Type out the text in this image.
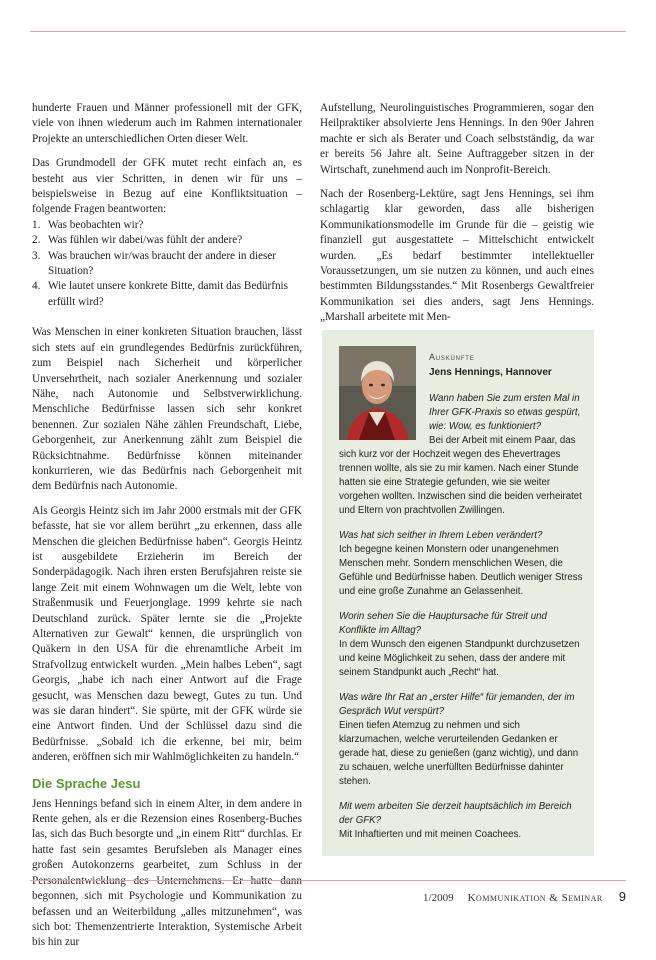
hunderte Frauen und Männer professionell mit der GFK, viele von ihnen wiederum auch im Rahmen internationaler Projekte an unterschiedlichen Orten dieser Welt.

Das Grundmodell der GFK mutet recht einfach an, es besteht aus vier Schritten, in denen wir für uns – beispielsweise in Bezug auf eine Konfliktsituation – folgende Fragen beantworten:

1. Was beobachten wir?
2. Was fühlen wir dabei/was fühlt der andere?
3. Was brauchen wir/was braucht der andere in dieser Situation?
4. Wie lautet unsere konkrete Bitte, damit das Bedürfnis erfüllt wird?

Was Menschen in einer konkreten Situation brauchen, lässt sich stets auf ein grundlegendes Bedürfnis zurückführen, zum Beispiel nach Sicherheit und körperlicher Unversehrtheit, nach sozialer Anerkennung und sozialer Nähe, nach Autonomie und Selbstverwirklichung. Menschliche Bedürfnisse lassen sich sehr konkret benennen. Zur sozialen Nähe zählen Freundschaft, Liebe, Geborgenheit, zur Anerkennung zählt zum Beispiel die Rücksichtnahme. Bedürfnisse können miteinander konkurrieren, wie das Bedürfnis nach Geborgenheit mit dem Bedürfnis nach Autonomie.

Als Georgis Heintz sich im Jahr 2000 erstmals mit der GFK befasste, hat sie vor allem berührt „zu erkennen, dass alle Menschen die gleichen Bedürfnisse haben“. Georgis Heintz ist ausgebildete Erzieherin im Bereich der Sonderpädagogik. Nach ihren ersten Berufsjahren reiste sie lange Zeit mit einem Wohnwagen um die Welt, lebte von Straßenmusik und Feuerjonglage. 1999 kehrte sie nach Deutschland zurück. Später lernte sie die „Projekte Alternativen zur Gewalt“ kennen, die ursprünglich von Quäkern in den USA für die ehrenamtliche Arbeit im Strafvollzug entwickelt wurden. „Mein halbes Leben“, sagt Georgis, „habe ich nach einer Antwort auf die Frage gesucht, was Menschen dazu bewegt, Gutes zu tun. Und was sie daran hindert“. Sie spürte, mit der GFK würde sie eine Antwort finden. Und der Schlüssel dazu sind die Bedürfnisse. „Sobald ich die erkenne, bei mir, beim anderen, eröffnen sich mir Wahlmöglichkeiten zu handeln.“

Die Sprache Jesu

Jens Hennings befand sich in einem Alter, in dem andere in Rente gehen, als er die Rezension eines Rosenberg-Buches las, sich das Buch besorgte und „in einem Ritt“ durchlas. Er hatte fast sein gesamtes Berufsleben als Manager eines großen Autokonzerns gearbeitet, zum Schluss in der begonnen, sich mit Psychologie und Kommunikation zu befassen und an Weiterbildung „alles mitzunehmen“, was sich bot: Themenzentrierte Interaktion, Systemische Arbeit bis hin zur

Aufstellung, Neurolinguistisches Programmieren, sogar den Heilpraktiker absolvierte Jens Hennings. In den 90er Jahren machte er sich als Berater und Coach selbstständig, da war er bereits 56 Jahre alt. Seine Auftraggeber sitzen in der Wirtschaft, zunehmend auch im Nonprofit-Bereich.

Nach der Rosenberg-Lektüre, sagt Jens Hennings, sei ihm schlagartig klar geworden, dass alle bisherigen Kommunikationsmodelle im Grunde für die – geistig wie finanziell gut ausgestattete – Mittelschicht entwickelt wurden. „Es bedarf bestimmter intellektueller Voraussetzungen, um sie nutzen zu können, und auch eines bestimmten Bildungsstandes.“ Mit Rosenbergs Gewaltfreier Kommunikation sei dies anders, sagt Jens Hennings. „Marshall arbeitete mit Men-

Auskünfte
Jens Hennings, Hannover

Wann haben Sie zum ersten Mal in Ihrer GFK-Praxis so etwas gespürt, wie: Wow, es funktioniert?

Bei der Arbeit mit einem Paar, das sich kurz vor der Hochzeit wegen des Ehevertrages trennen wollte, als sie zu mir kamen. Nach einer Stunde hatten sie eine Strategie gefunden, wie sie weiter vorgehen wollten. Inzwischen sind die beiden verheiratet und Eltern von prachtvollen Zwillingen.

Was hat sich seither in Ihrem Leben verändert?

Ich begegne keinen Monstern oder unangenehmen Menschen mehr. Sondern menschlichen Wesen, die Gefühle und Bedürfnisse haben. Deutlich weniger Stress und eine große Zunahme an Gelassenheit.

Worin sehen Sie die Hauptursache für Streit und Konflikte im Alltag?

In dem Wunsch den eigenen Standpunkt durchzusetzen und keine Möglichkeit zu sehen, dass der andere mit seinem Standpunkt auch „Recht“ hat.

Was wäre Ihr Rat an „erster Hilfe“ für jemanden, der im Gespräch Wut verspürt?

Einen tiefen Atemzug zu nehmen und sich klarzumachen, welche verurteilenden Gedanken er gerade hat, diese zu genießen (ganz wichtig), und dann zu schauen, welche unerfüllten Bedürfnisse dahinter stehen.

Mit wem arbeiten Sie derzeit hauptsächlich im Bereich der GFK?

Mit Inhaftierten und mit meinen Coachees.

1/2009 Kommunikation & Seminar 9
